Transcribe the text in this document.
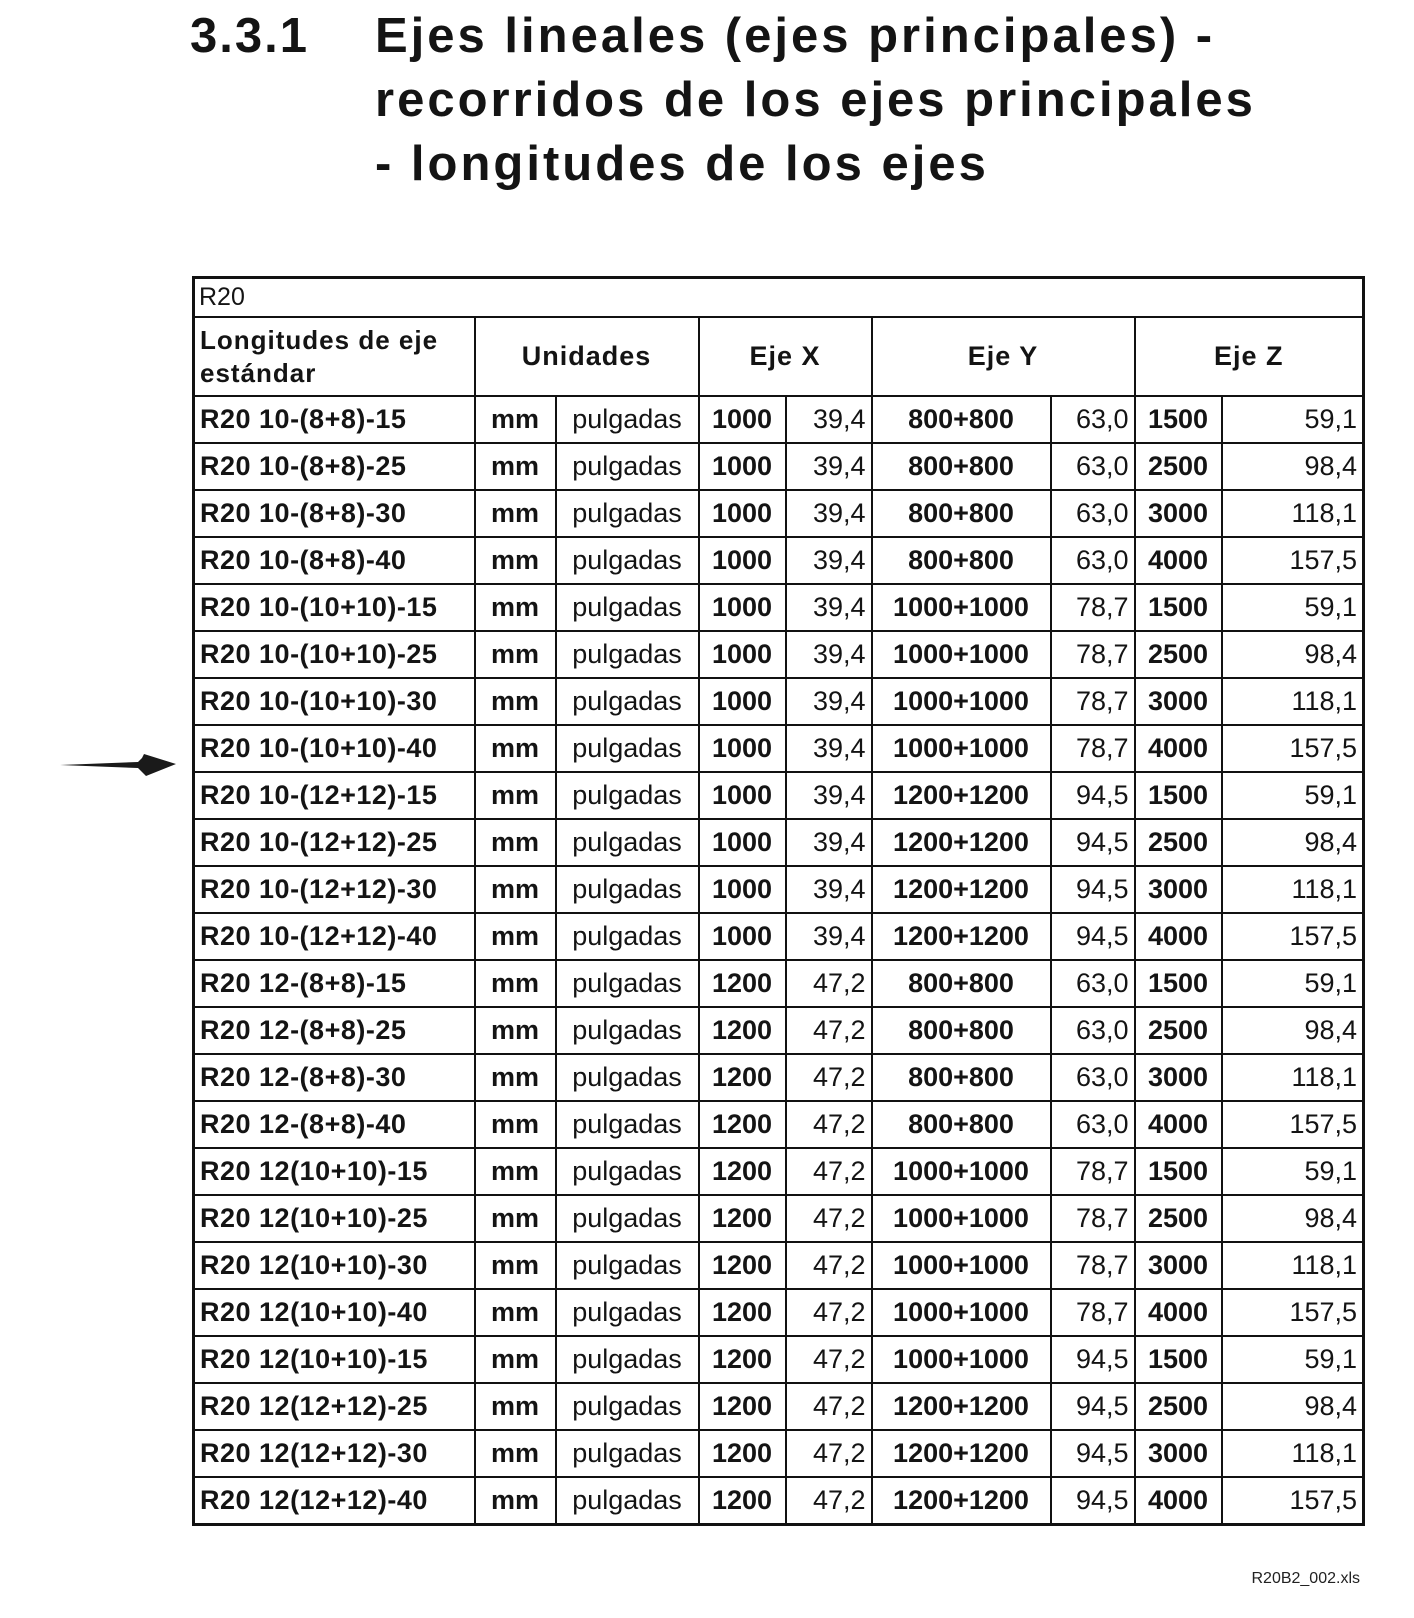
3.3.1	Ejes lineales (ejes principales) - recorridos de los ejes principales - longitudes de los ejes
R20								
Longitudes de eje estándar	Unidades		Eje X		Eje Y		Eje Z	
R20 10-(8+8)-15	mm	pulgadas	1000	39,4	800+800	63,0	1500	59,1
R20 10-(8+8)-25	mm	pulgadas	1000	39,4	800+800	63,0	2500	98,4
R20 10-(8+8)-30	mm	pulgadas	1000	39,4	800+800	63,0	3000	118,1
R20 10-(8+8)-40	mm	pulgadas	1000	39,4	800+800	63,0	4000	157,5
R20 10-(10+10)-15	mm	pulgadas	1000	39,4	1000+1000	78,7	1500	59,1
R20 10-(10+10)-25	mm	pulgadas	1000	39,4	1000+1000	78,7	2500	98,4
R20 10-(10+10)-30	mm	pulgadas	1000	39,4	1000+1000	78,7	3000	118,1
R20 10-(10+10)-40	mm	pulgadas	1000	39,4	1000+1000	78,7	4000	157,5
R20 10-(12+12)-15	mm	pulgadas	1000	39,4	1200+1200	94,5	1500	59,1
R20 10-(12+12)-25	mm	pulgadas	1000	39,4	1200+1200	94,5	2500	98,4
R20 10-(12+12)-30	mm	pulgadas	1000	39,4	1200+1200	94,5	3000	118,1
R20 10-(12+12)-40	mm	pulgadas	1000	39,4	1200+1200	94,5	4000	157,5
R20 12-(8+8)-15	mm	pulgadas	1200	47,2	800+800	63,0	1500	59,1
R20 12-(8+8)-25	mm	pulgadas	1200	47,2	800+800	63,0	2500	98,4
R20 12-(8+8)-30	mm	pulgadas	1200	47,2	800+800	63,0	3000	118,1
R20 12-(8+8)-40	mm	pulgadas	1200	47,2	800+800	63,0	4000	157,5
R20 12(10+10)-15	mm	pulgadas	1200	47,2	1000+1000	78,7	1500	59,1
R20 12(10+10)-25	mm	pulgadas	1200	47,2	1000+1000	78,7	2500	98,4
R20 12(10+10)-30	mm	pulgadas	1200	47,2	1000+1000	78,7	3000	118,1
R20 12(10+10)-40	mm	pulgadas	1200	47,2	1000+1000	78,7	4000	157,5
R20 12(10+10)-15	mm	pulgadas	1200	47,2	1000+1000	94,5	1500	59,1
R20 12(12+12)-25	mm	pulgadas	1200	47,2	1200+1200	94,5	2500	98,4
R20 12(12+12)-30	mm	pulgadas	1200	47,2	1200+1200	94,5	3000	118,1
R20 12(12+12)-40	mm	pulgadas	1200	47,2	1200+1200	94,5	4000	157,5
R20B2_002.xls
